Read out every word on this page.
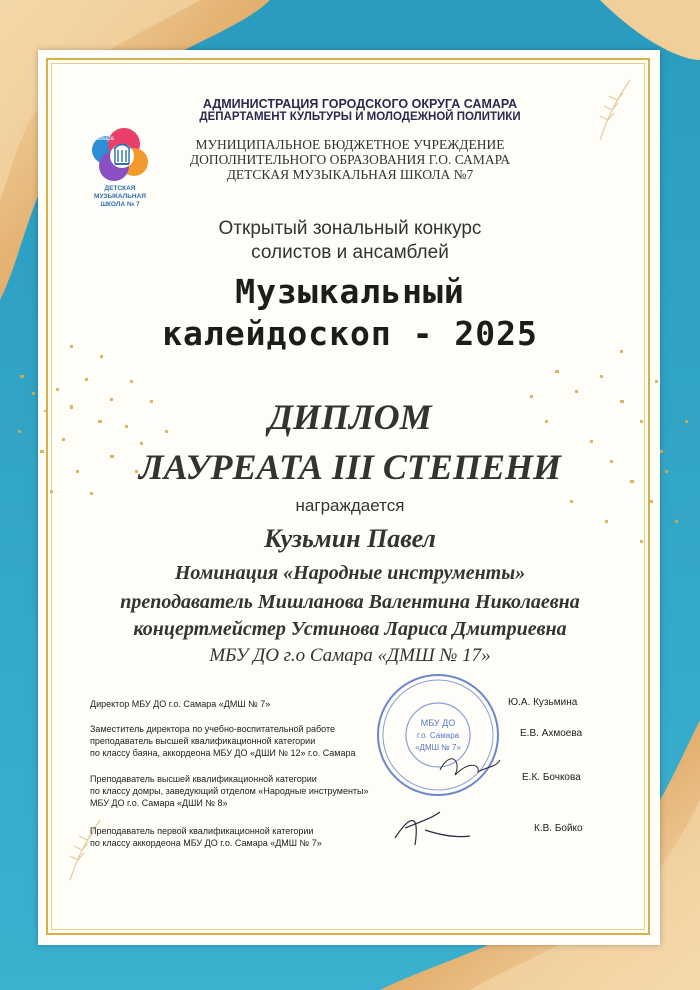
Самара
ДЕТСКАЯ
МУЗЫКАЛЬНАЯ
ШКОЛА № 7
АДМИНИСТРАЦИЯ ГОРОДСКОГО ОКРУГА САМАРА
ДЕПАРТАМЕНТ КУЛЬТУРЫ И МОЛОДЕЖНОЙ ПОЛИТИКИ
МУНИЦИПАЛЬНОЕ БЮДЖЕТНОЕ УЧРЕЖДЕНИЕ
ДОПОЛНИТЕЛЬНОГО ОБРАЗОВАНИЯ Г.О. САМАРА
ДЕТСКАЯ МУЗЫКАЛЬНАЯ ШКОЛА №7
Открытый зональный конкурс
солистов и ансамблей
Музыкальный
калейдоскоп - 2025
ДИПЛОМ
ЛАУРЕАТА III СТЕПЕНИ
награждается
Кузьмин Павел
Номинация «Народные инструменты»
преподаватель Мишланова Валентина Николаевна
концертмейстер Устинова Лариса Дмитриевна
МБУ ДО г.о Самара «ДМШ № 17»
МБУ ДО
г.о. Самара
«ДМШ № 7»
Директор МБУ ДО г.о. Самара «ДМШ № 7»	Ю.А. Кузьмина
Заместитель директора по учебно-воспитательной работе
преподаватель высшей квалификационной категории
по классу баяна, аккордеона МБУ ДО «ДШИ № 12» г.о. Самара
Е.В. Ахмоева
Преподаватель высшей квалификационной категории
по классу домры, заведующий отделом «Народные инструменты»
МБУ ДО г.о. Самара «ДШИ № 8»
Е.К. Бочкова
Преподаватель первой квалификационной категории
по классу аккордеона МБУ ДО г.о. Самара «ДМШ № 7»
К.В. Бойко
